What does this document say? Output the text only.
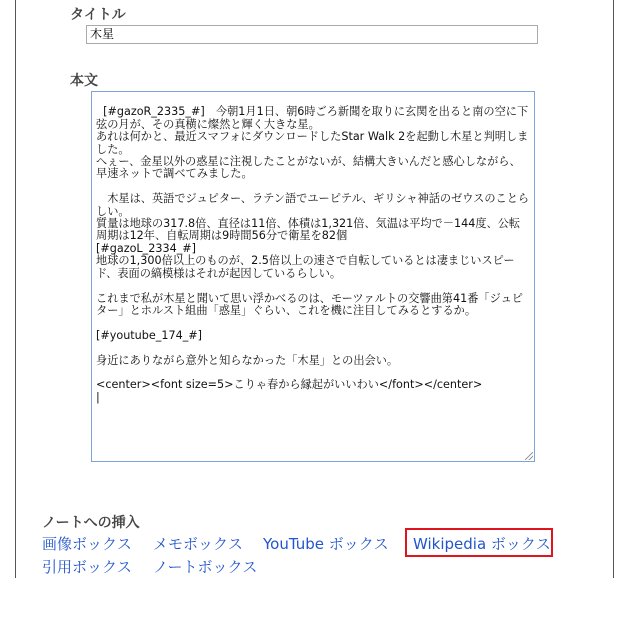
タイトル
木星
本文

[#gazoR_2335_#]　今朝1月1日、朝6時ごろ新聞を取りに玄関を出ると南の空に下弦の月が、その真横に燦然と輝く大きな星。
あれは何かと、最近スマフォにダウンロードしたStar Walk 2を起動し木星と判明しました。
へぇー、金星以外の惑星に注視したことがないが、結構大きいんだと感心しながら、早速ネットで調べてみました。

　木星は、英語でジュピター、ラテン語でユーピテル、ギリシャ神話のゼウスのことらしい。
質量は地球の317.8倍、直径は11倍、体積は1,321倍、気温は平均で－144度、公転周期は12年、自転周期は9時間56分で衛星を82個
[#gazoL_2334_#]
地球の1,300倍以上のものが、2.5倍以上の速さで自転しているとは凄まじいスピード、表面の縞模様はそれが起因しているらしい。

これまで私が木星と聞いて思い浮かべるのは、モーツァルトの交響曲第41番「ジュピター」とホルスト組曲「惑星」ぐらい、これを機に注目してみるとするか。

[#youtube_174_#]

身近にありながら意外と知らなかった「木星」との出会い。

<center><font size=5>こりゃ春から縁起がいいわい</font></center>
|

ノートへの挿入
画像ボックス メモボックス YouTube ボックス Wikipedia ボックス
引用ボックス ノートボックス
